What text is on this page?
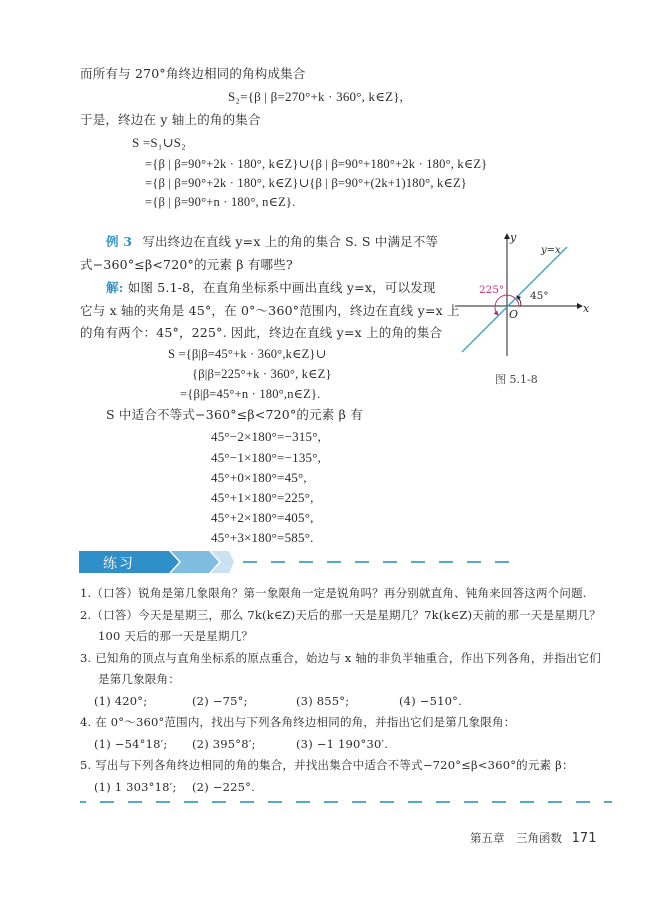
而所有与 270°角终边相同的角构成集合
S₂={β | β=270°+k · 360°, k∈Z},
于是，终边在 y 轴上的角的集合
S =S₁∪S₂
={β | β=90°+2k · 180°, k∈Z}∪{β | β=90°+180°+2k · 180°, k∈Z}
={β | β=90°+2k · 180°, k∈Z}∪{β | β=90°+(2k+1)180°, k∈Z}
={β | β=90°+n · 180°, n∈Z}.
例 3 写出终边在直线 y=x 上的角的集合 S. S 中满足不等
式−360°≤β<720°的元素 β 有哪些?
解: 如图 5.1-8，在直角坐标系中画出直线 y=x，可以发现
它与 x 轴的夹角是 45°，在 0°～360°范围内，终边在直线 y=x 上
的角有两个：45°，225°. 因此，终边在直线 y=x 上的角的集合
S ={β|β=45°+k · 360°,k∈Z}∪
{β|β=225°+k · 360°, k∈Z}
={β|β=45°+n · 180°,n∈Z}.
S 中适合不等式−360°≤β<720°的元素 β 有
45°−2×180°=−315°,
45°−1×180°=−135°,
45°+0×180°=45°,
45°+1×180°=225°,
45°+2×180°=405°,
45°+3×180°=585°.
y
x
y=x
O
45°
225°
图 5.1-8
练习
1.（口答）锐角是第几象限角？第一象限角一定是锐角吗？再分别就直角、钝角来回答这两个问题.
2.（口答）今天是星期三，那么 7k(k∈Z)天后的那一天是星期几？7k(k∈Z)天前的那一天是星期几？
100 天后的那一天是星期几？
3. 已知角的顶点与直角坐标系的原点重合，始边与 x 轴的非负半轴重合，作出下列各角，并指出它们
是第几象限角：
(1) 420°;	(2) −75°;	(3) 855°;	(4) −510°.
4. 在 0°～360°范围内，找出与下列各角终边相同的角，并指出它们是第几象限角：
(1) −54°18′; (2) 395°8′;	(3) −1 190°30′.
5. 写出与下列各角终边相同的角的集合，并找出集合中适合不等式−720°≤β<360°的元素 β：
(1) 1 303°18′; (2) −225°.
第五章　三角函数 171
